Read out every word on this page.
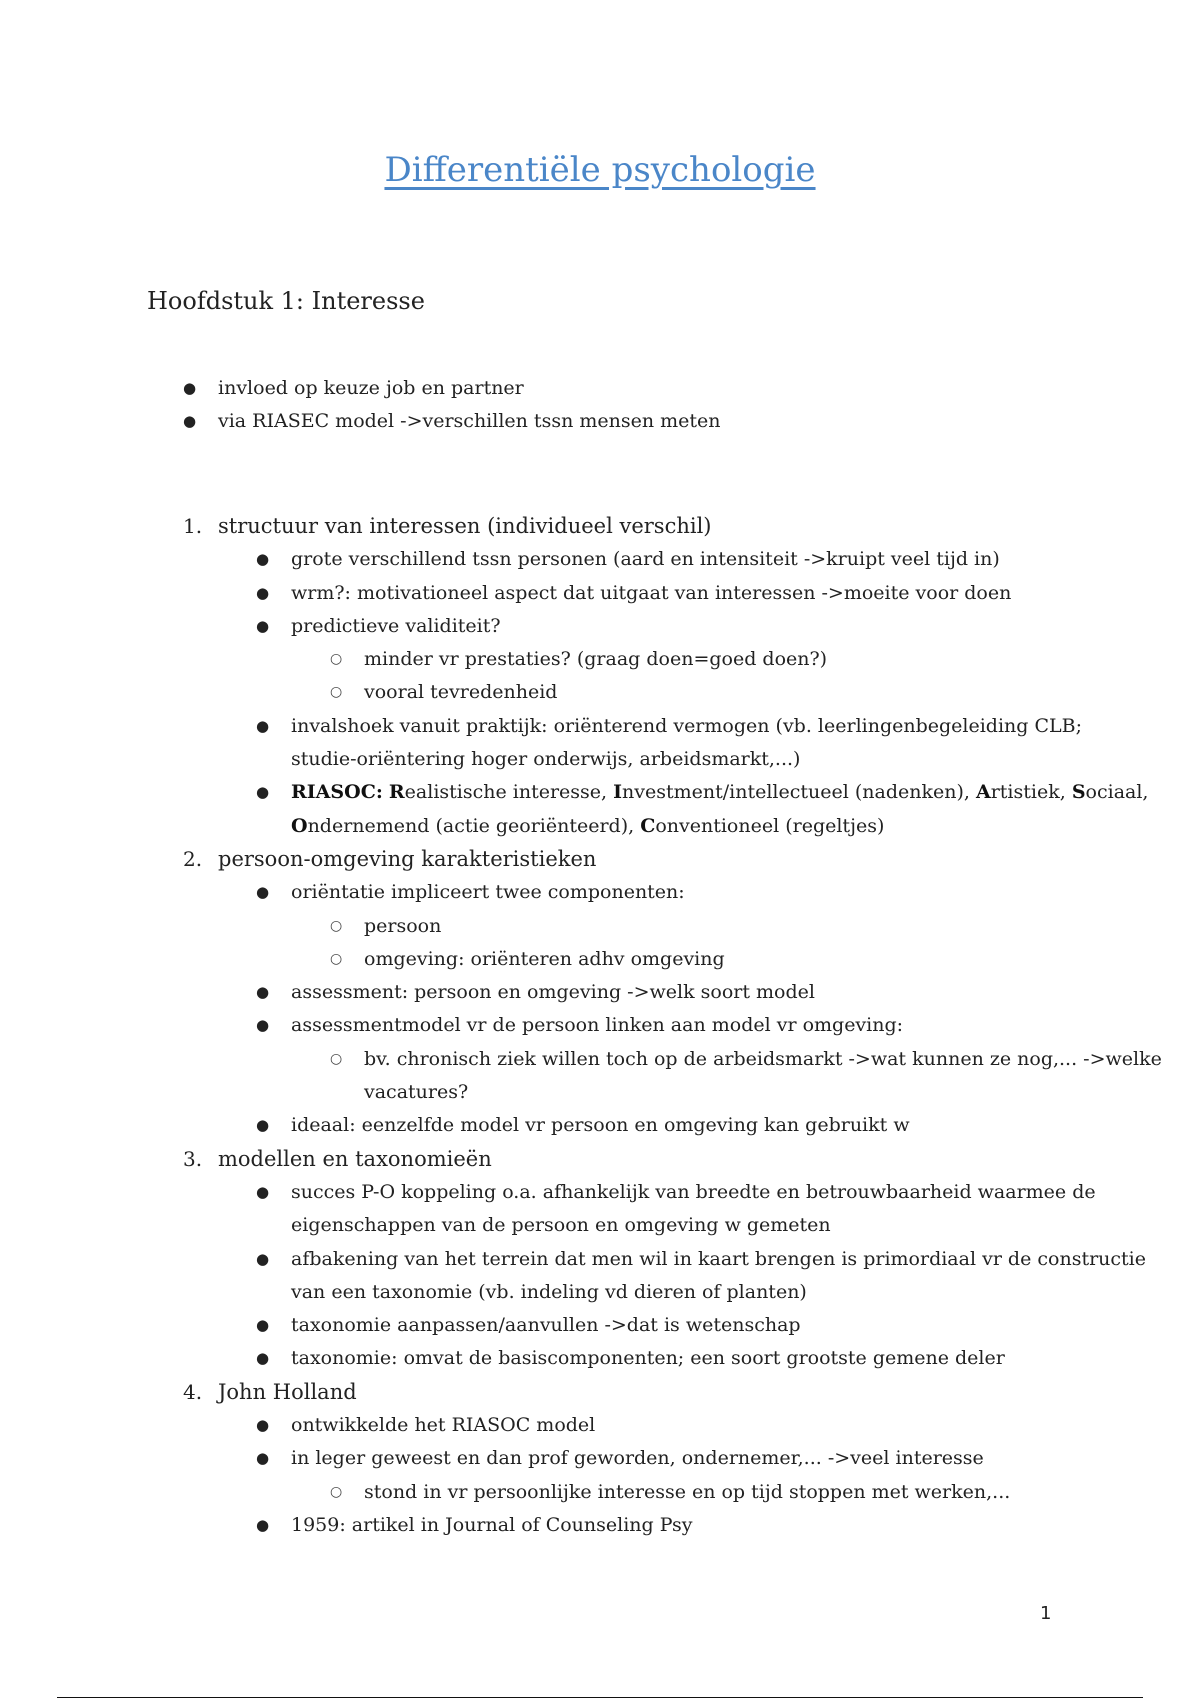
Differentiële psychologie
Hoofdstuk 1: Interesse
● invloed op keuze job en partner
● via RIASEC model ->verschillen tssn mensen meten
1. structuur van interessen (individueel verschil)
● grote verschillend tssn personen (aard en intensiteit ->kruipt veel tijd in)
● wrm?: motivationeel aspect dat uitgaat van interessen ->moeite voor doen
● predictieve validiteit?
○ minder vr prestaties? (graag doen=goed doen?)
○ vooral tevredenheid
● invalshoek vanuit praktijk: oriënterend vermogen (vb. leerlingenbegeleiding CLB;
studie-oriëntering hoger onderwijs, arbeidsmarkt,...)
● RIASOC: Realistische interesse, Investment/intellectueel (nadenken), Artistiek, Sociaal,
Ondernemend (actie georiënteerd), Conventioneel (regeltjes)
2. persoon-omgeving karakteristieken
● oriëntatie impliceert twee componenten:
○ persoon
○ omgeving: oriënteren adhv omgeving
● assessment: persoon en omgeving ->welk soort model
● assessmentmodel vr de persoon linken aan model vr omgeving:
○ bv. chronisch ziek willen toch op de arbeidsmarkt ->wat kunnen ze nog,... ->welke
vacatures?
● ideaal: eenzelfde model vr persoon en omgeving kan gebruikt w
3. modellen en taxonomieën
● succes P-O koppeling o.a. afhankelijk van breedte en betrouwbaarheid waarmee de
eigenschappen van de persoon en omgeving w gemeten
● afbakening van het terrein dat men wil in kaart brengen is primordiaal vr de constructie
van een taxonomie (vb. indeling vd dieren of planten)
● taxonomie aanpassen/aanvullen ->dat is wetenschap
● taxonomie: omvat de basiscomponenten; een soort grootste gemene deler
4. John Holland
● ontwikkelde het RIASOC model
● in leger geweest en dan prof geworden, ondernemer,... ->veel interesse
○ stond in vr persoonlijke interesse en op tijd stoppen met werken,...
● 1959: artikel in Journal of Counseling Psy
1
